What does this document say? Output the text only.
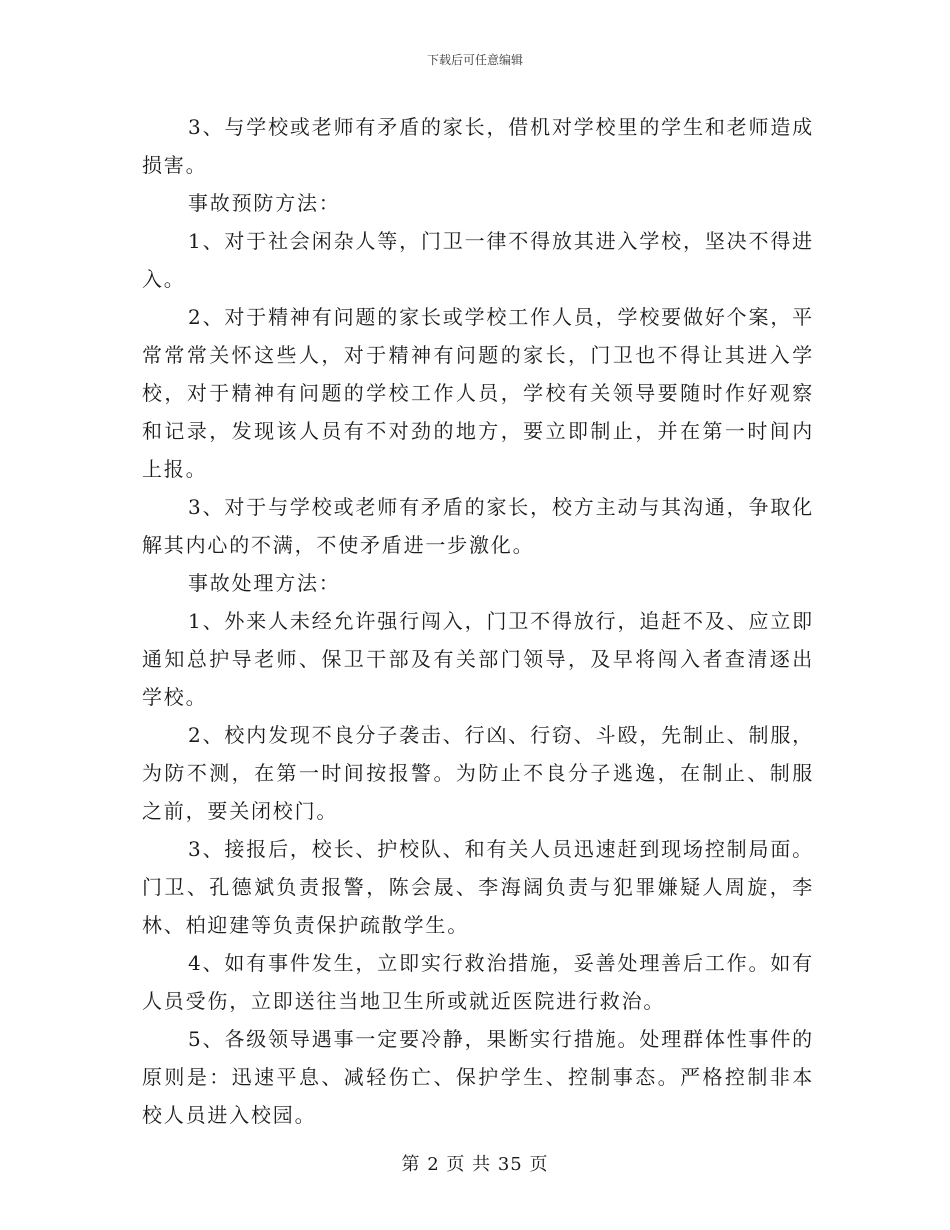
下载后可任意编辑

3、与学校或老师有矛盾的家长，借机对学校里的学生和老师造成损害。

事故预防方法：

1、对于社会闲杂人等，门卫一律不得放其进入学校，坚决不得进入。

2、对于精神有问题的家长或学校工作人员，学校要做好个案，平常常常关怀这些人，对于精神有问题的家长，门卫也不得让其进入学校，对于精神有问题的学校工作人员，学校有关领导要随时作好观察和记录，发现该人员有不对劲的地方，要立即制止，并在第一时间内上报。

3、对于与学校或老师有矛盾的家长，校方主动与其沟通，争取化解其内心的不满，不使矛盾进一步激化。

事故处理方法：

1、外来人未经允许强行闯入，门卫不得放行，追赶不及、应立即通知总护导老师、保卫干部及有关部门领导，及早将闯入者查清逐出学校。

2、校内发现不良分子袭击、行凶、行窃、斗殴，先制止、制服，为防不测，在第一时间按报警。为防止不良分子逃逸，在制止、制服之前，要关闭校门。

3、接报后，校长、护校队、和有关人员迅速赶到现场控制局面。门卫、孔德斌负责报警，陈会晟、李海阔负责与犯罪嫌疑人周旋，李林、柏迎建等负责保护疏散学生。

4、如有事件发生，立即实行救治措施，妥善处理善后工作。如有人员受伤，立即送往当地卫生所或就近医院进行救治。

5、各级领导遇事一定要冷静，果断实行措施。处理群体性事件的原则是：迅速平息、减轻伤亡、保护学生、控制事态。严格控制非本校人员进入校园。

第 2 页 共 35 页
